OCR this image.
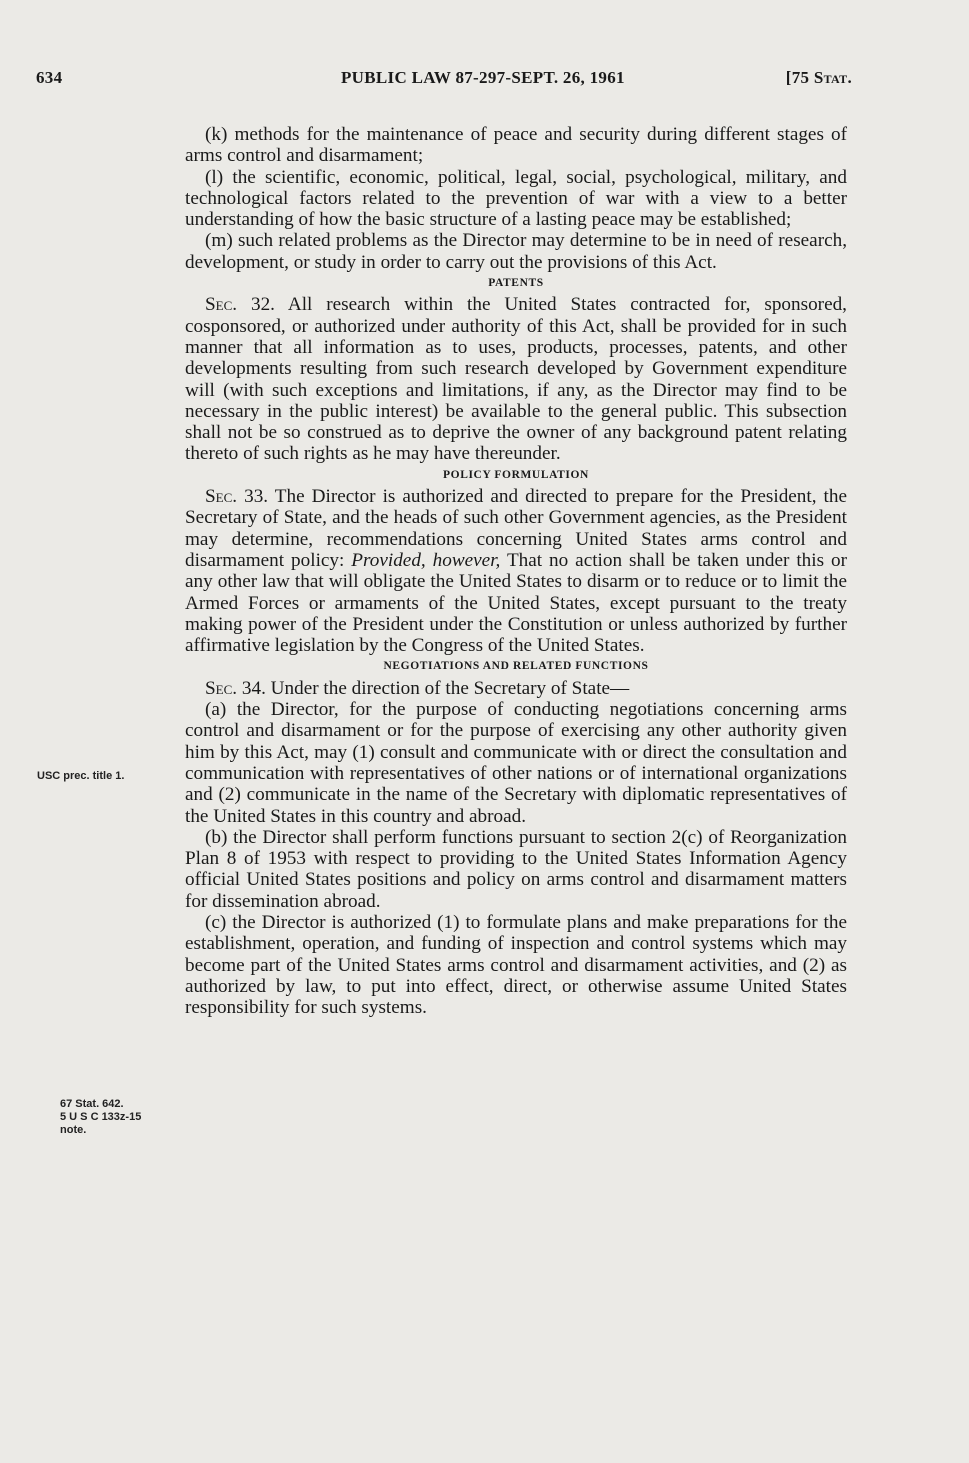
634	PUBLIC LAW 87-297-SEPT. 26, 1961	[75 Stat.

(k) methods for the maintenance of peace and security during different stages of arms control and disarmament;

(l) the scientific, economic, political, legal, social, psychological, military, and technological factors related to the prevention of war with a view to a better understanding of how the basic structure of a lasting peace may be established;

(m) such related problems as the Director may determine to be in need of research, development, or study in order to carry out the provisions of this Act.

PATENTS

Sec. 32. All research within the United States contracted for, sponsored, cosponsored, or authorized under authority of this Act, shall be provided for in such manner that all information as to uses, products, processes, patents, and other developments resulting from such research developed by Government expenditure will (with such exceptions and limitations, if any, as the Director may find to be necessary in the public interest) be available to the general public. This subsection shall not be so construed as to deprive the owner of any background patent relating thereto of such rights as he may have thereunder.

POLICY FORMULATION

Sec. 33. The Director is authorized and directed to prepare for the President, the Secretary of State, and the heads of such other Government agencies, as the President may determine, recommendations concerning United States arms control and disarmament policy: Provided, however, That no action shall be taken under this or any other law that will obligate the United States to disarm or to reduce or to limit the Armed Forces or armaments of the United States, except pursuant to the treaty making power of the President under the Constitution or unless authorized by further affirmative legislation by the Congress of the United States.

NEGOTIATIONS AND RELATED FUNCTIONS

Sec. 34. Under the direction of the Secretary of State—

(a) the Director, for the purpose of conducting negotiations concerning arms control and disarmament or for the purpose of exercising any other authority given him by this Act, may (1) consult and communicate with or direct the consultation and communication with representatives of other nations or of international organizations and (2) communicate in the name of the Secretary with diplomatic representatives of the United States in this country and abroad.

(b) the Director shall perform functions pursuant to section 2(c) of Reorganization Plan 8 of 1953 with respect to providing to the United States Information Agency official United States positions and policy on arms control and disarmament matters for dissemination abroad.

(c) the Director is authorized (1) to formulate plans and make preparations for the establishment, operation, and funding of inspection and control systems which may become part of the United States arms control and disarmament activities, and (2) as authorized by law, to put into effect, direct, or otherwise assume United States responsibility for such systems.

USC prec. title 1.
67 Stat. 642.
5 U S C 133z-15
note.
